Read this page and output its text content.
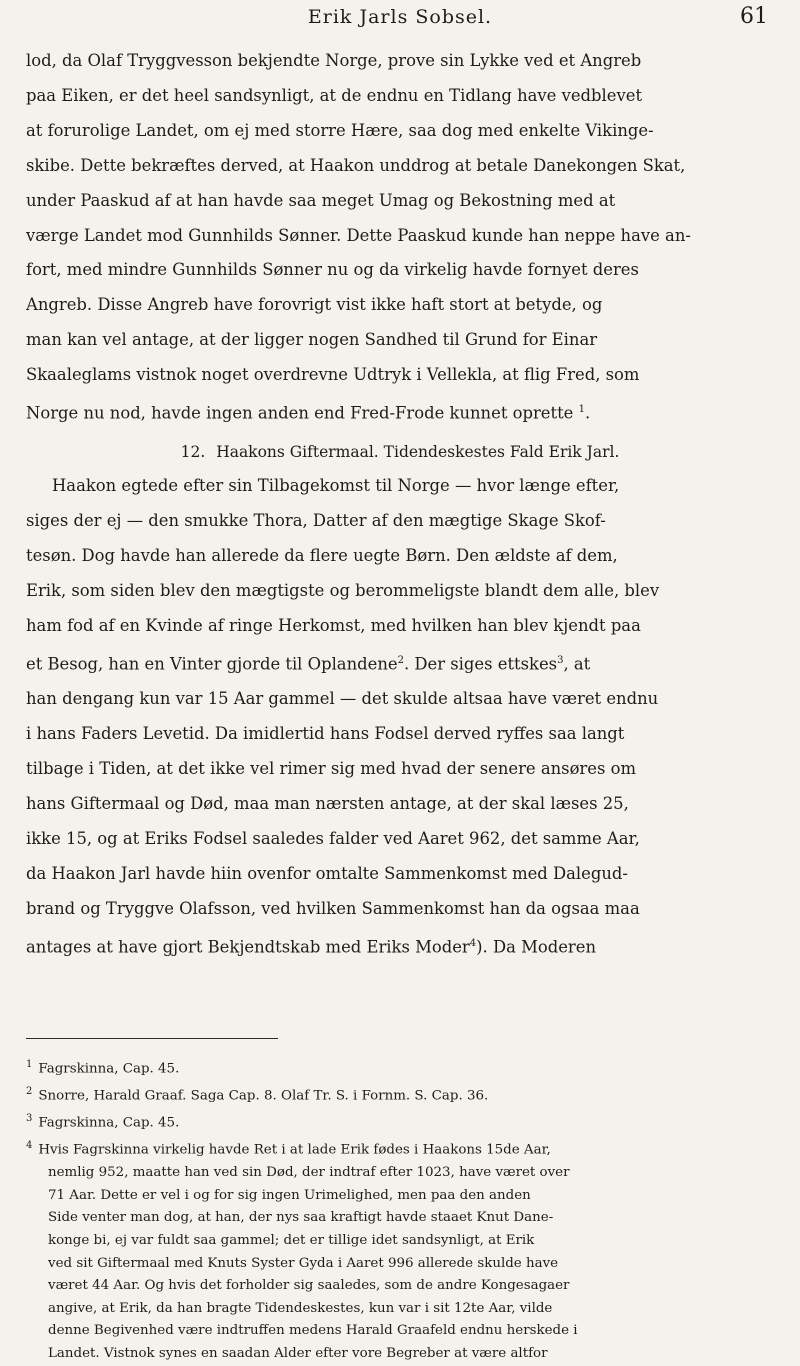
Erik Jarls Sobsel.	61

lod, da Olaf Tryggvesson bekjendte Norge, prove sin Lykke ved et Angreb

paa Eiken, er det heel sandsynligt, at de endnu en Tidlang have vedblevet

at forurolige Landet, om ej med storre Hære, saa dog med enkelte Vikinge-

skibe. Dette bekræftes derved, at Haakon unddrog at betale Danekongen Skat,

under Paaskud af at han havde saa meget Umag og Bekostning med at

værge Landet mod Gunnhilds Sønner. Dette Paaskud kunde han neppe have an-

fort, med mindre Gunnhilds Sønner nu og da virkelig havde fornyet deres

Angreb. Disse Angreb have forovrigt vist ikke haft stort at betyde, og

man kan vel antage, at der ligger nogen Sandhed til Grund for Einar

Skaaleglams vistnok noget overdrevne Udtryk i Vellekla, at flig Fred, som

Norge nu nod, havde ingen anden end Fred-Frode kunnet oprette $^1$.

12. Haakons Giftermaal. Tidendeskestes Fald Erik Jarl.

Haakon egtede efter sin Tilbagekomst til Norge — hvor længe efter,

siges der ej — den smukke Thora, Datter af den mægtige Skage Skof-

tesøn. Dog havde han allerede da flere uegte Børn. Den ældste af dem,

Erik, som siden blev den mægtigste og berommeligste blandt dem alle, blev

ham fod af en Kvinde af ringe Herkomst, med hvilken han blev kjendt paa

et Besog, han en Vinter gjorde til Oplandene$^2$. Der siges ettskes$^3$, at

han dengang kun var 15 Aar gammel — det skulde altsaa have været endnu

i hans Faders Levetid. Da imidlertid hans Fodsel derved ryffes saa langt

tilbage i Tiden, at det ikke vel rimer sig med hvad der senere ansøres om

hans Giftermaal og Død, maa man nærsten antage, at der skal læses 25,

ikke 15, og at Eriks Fodsel saaledes falder ved Aaret 962, det samme Aar,

da Haakon Jarl havde hiin ovenfor omtalte Sammenkomst med Dalegud-

brand og Tryggve Olafsson, ved hvilken Sammenkomst han da ogsaa maa

antages at have gjort Bekjendtskab med Eriks Moder$^4$). Da Moderen

$^1$ Fagrskinna, Cap. 45.

$^2$ Snorre, Harald Graaf. Saga Cap. 8. Olaf Tr. S. i Fornm. S. Cap. 36.

$^3$ Fagrskinna, Cap. 45.

$^4$ Hvis Fagrskinna virkelig havde Ret i at lade Erik fødes i Haakons 15de Aar,

nemlig 952, maatte han ved sin Død, der indtraf efter 1023, have været over

71 Aar. Dette er vel i og for sig ingen Urimelighed, men paa den anden

Side venter man dog, at han, der nys saa kraftigt havde staaet Knut Dane-

konge bi, ej var fuldt saa gammel; det er tillige idet sandsynligt, at Erik

ved sit Giftermaal med Knuts Syster Gyda i Aaret 996 allerede skulde have

været 44 Aar. Og hvis det forholder sig saaledes, som de andre Kongesagaer

angive, at Erik, da han bragte Tidendeskestes, kun var i sit 12te Aar, vilde

denne Begivenhed være indtruffen medens Harald Graafeld endnu herskede i

Landet. Vistnok synes en saadan Alder efter vore Begreber at være altfor
